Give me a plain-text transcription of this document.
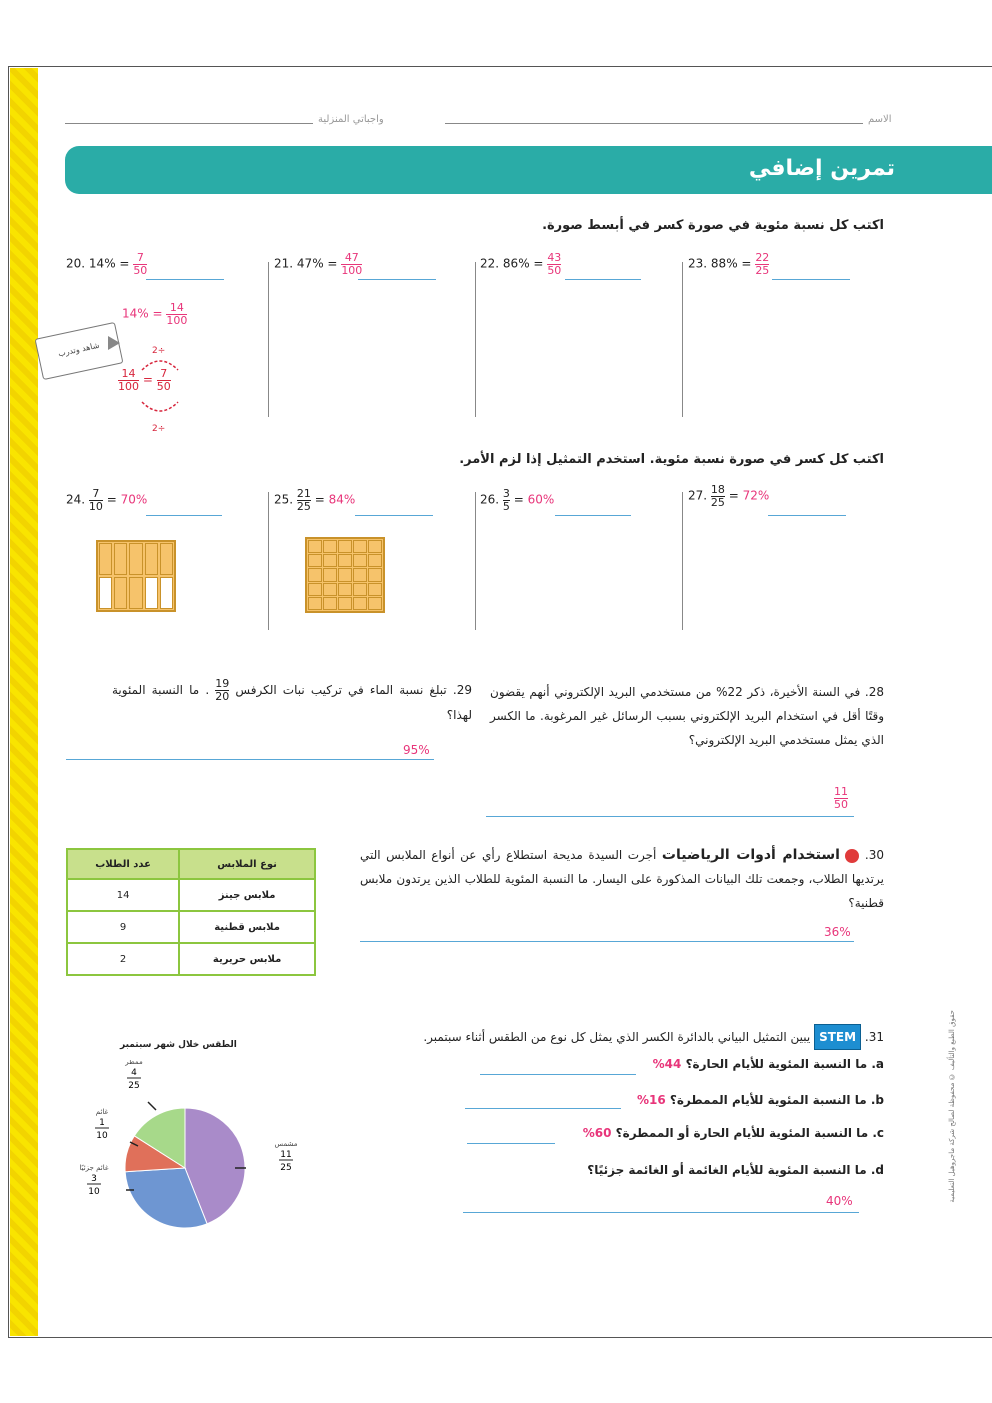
الاسم
واجباتي المنزلية
تمرين إضافي
اكتب كل نسبة مئوية في صورة كسر في أبسط صورة.
20. $14\% = \frac{7}{50}$	21. $47\% = \frac{47}{100}$	22. $86\% = \frac{43}{50}$	23. $88\% = \frac{22}{25}$
شاهد وتدرب
$14\% = \frac{14}{100}$
2÷
$\frac{14}{100} = \frac{7}{50}$
2÷
اكتب كل كسر في صورة نسبة مئوية. استخدم التمثيل إذا لزم الأمر.
24. $\frac{7}{10} = 70\%$	25. $\frac{21}{25} = 84\%$	26. $\frac{3}{5} = 60\%$	27. $\frac{18}{25} = 72\%$
29. تبلغ نسبة الماء في تركيب نبات الكرفس
$\frac{19}{20}$
. ما النسبة المئوية لهذا؟
95%
28. في السنة الأخيرة، ذكر 22% من مستخدمي البريد الإلكتروني أنهم يقضون وقتًا أقل في استخدام البريد الإلكتروني بسبب الرسائل غير المرغوبة. ما الكسر الذي يمثل مستخدمي البريد الإلكتروني؟
$\frac{11}{50}$
عدد الطلاب	نوع الملابس
14	ملابس جينز
9	ملابس قطنية
2	ملابس حريرية
30.  استخدام أدوات الرياضيات أجرت السيدة مديحة استطلاع رأي عن أنواع الملابس التي يرتديها الطلاب، وجمعت تلك البيانات المذكورة على اليسار. ما النسبة المئوية للطلاب الذين يرتدون ملابس قطنية؟
36%
31. STEM يبين التمثيل البياني بالدائرة الكسر الذي يمثل كل نوع من الطقس أثناء سبتمبر.
a. ما النسبة المئوية للأيام الحارة؟ 44%
b. ما النسبة المئوية للأيام الممطرة؟ 16%
c. ما النسبة المئوية للأيام الحارة أو الممطرة؟ 60%
d. ما النسبة المئوية للأيام الغائمة أو الغائمة جزئيًا؟
40%
الطقس خلال شهر سبتمبر
مشمس
11
25
غائم جزئيًا
3
10
غائم
1
10
ممطر
4
25	حقوق الطبع والتأليف © محفوظة لصالح شركة ماجروهيل التعليمية
